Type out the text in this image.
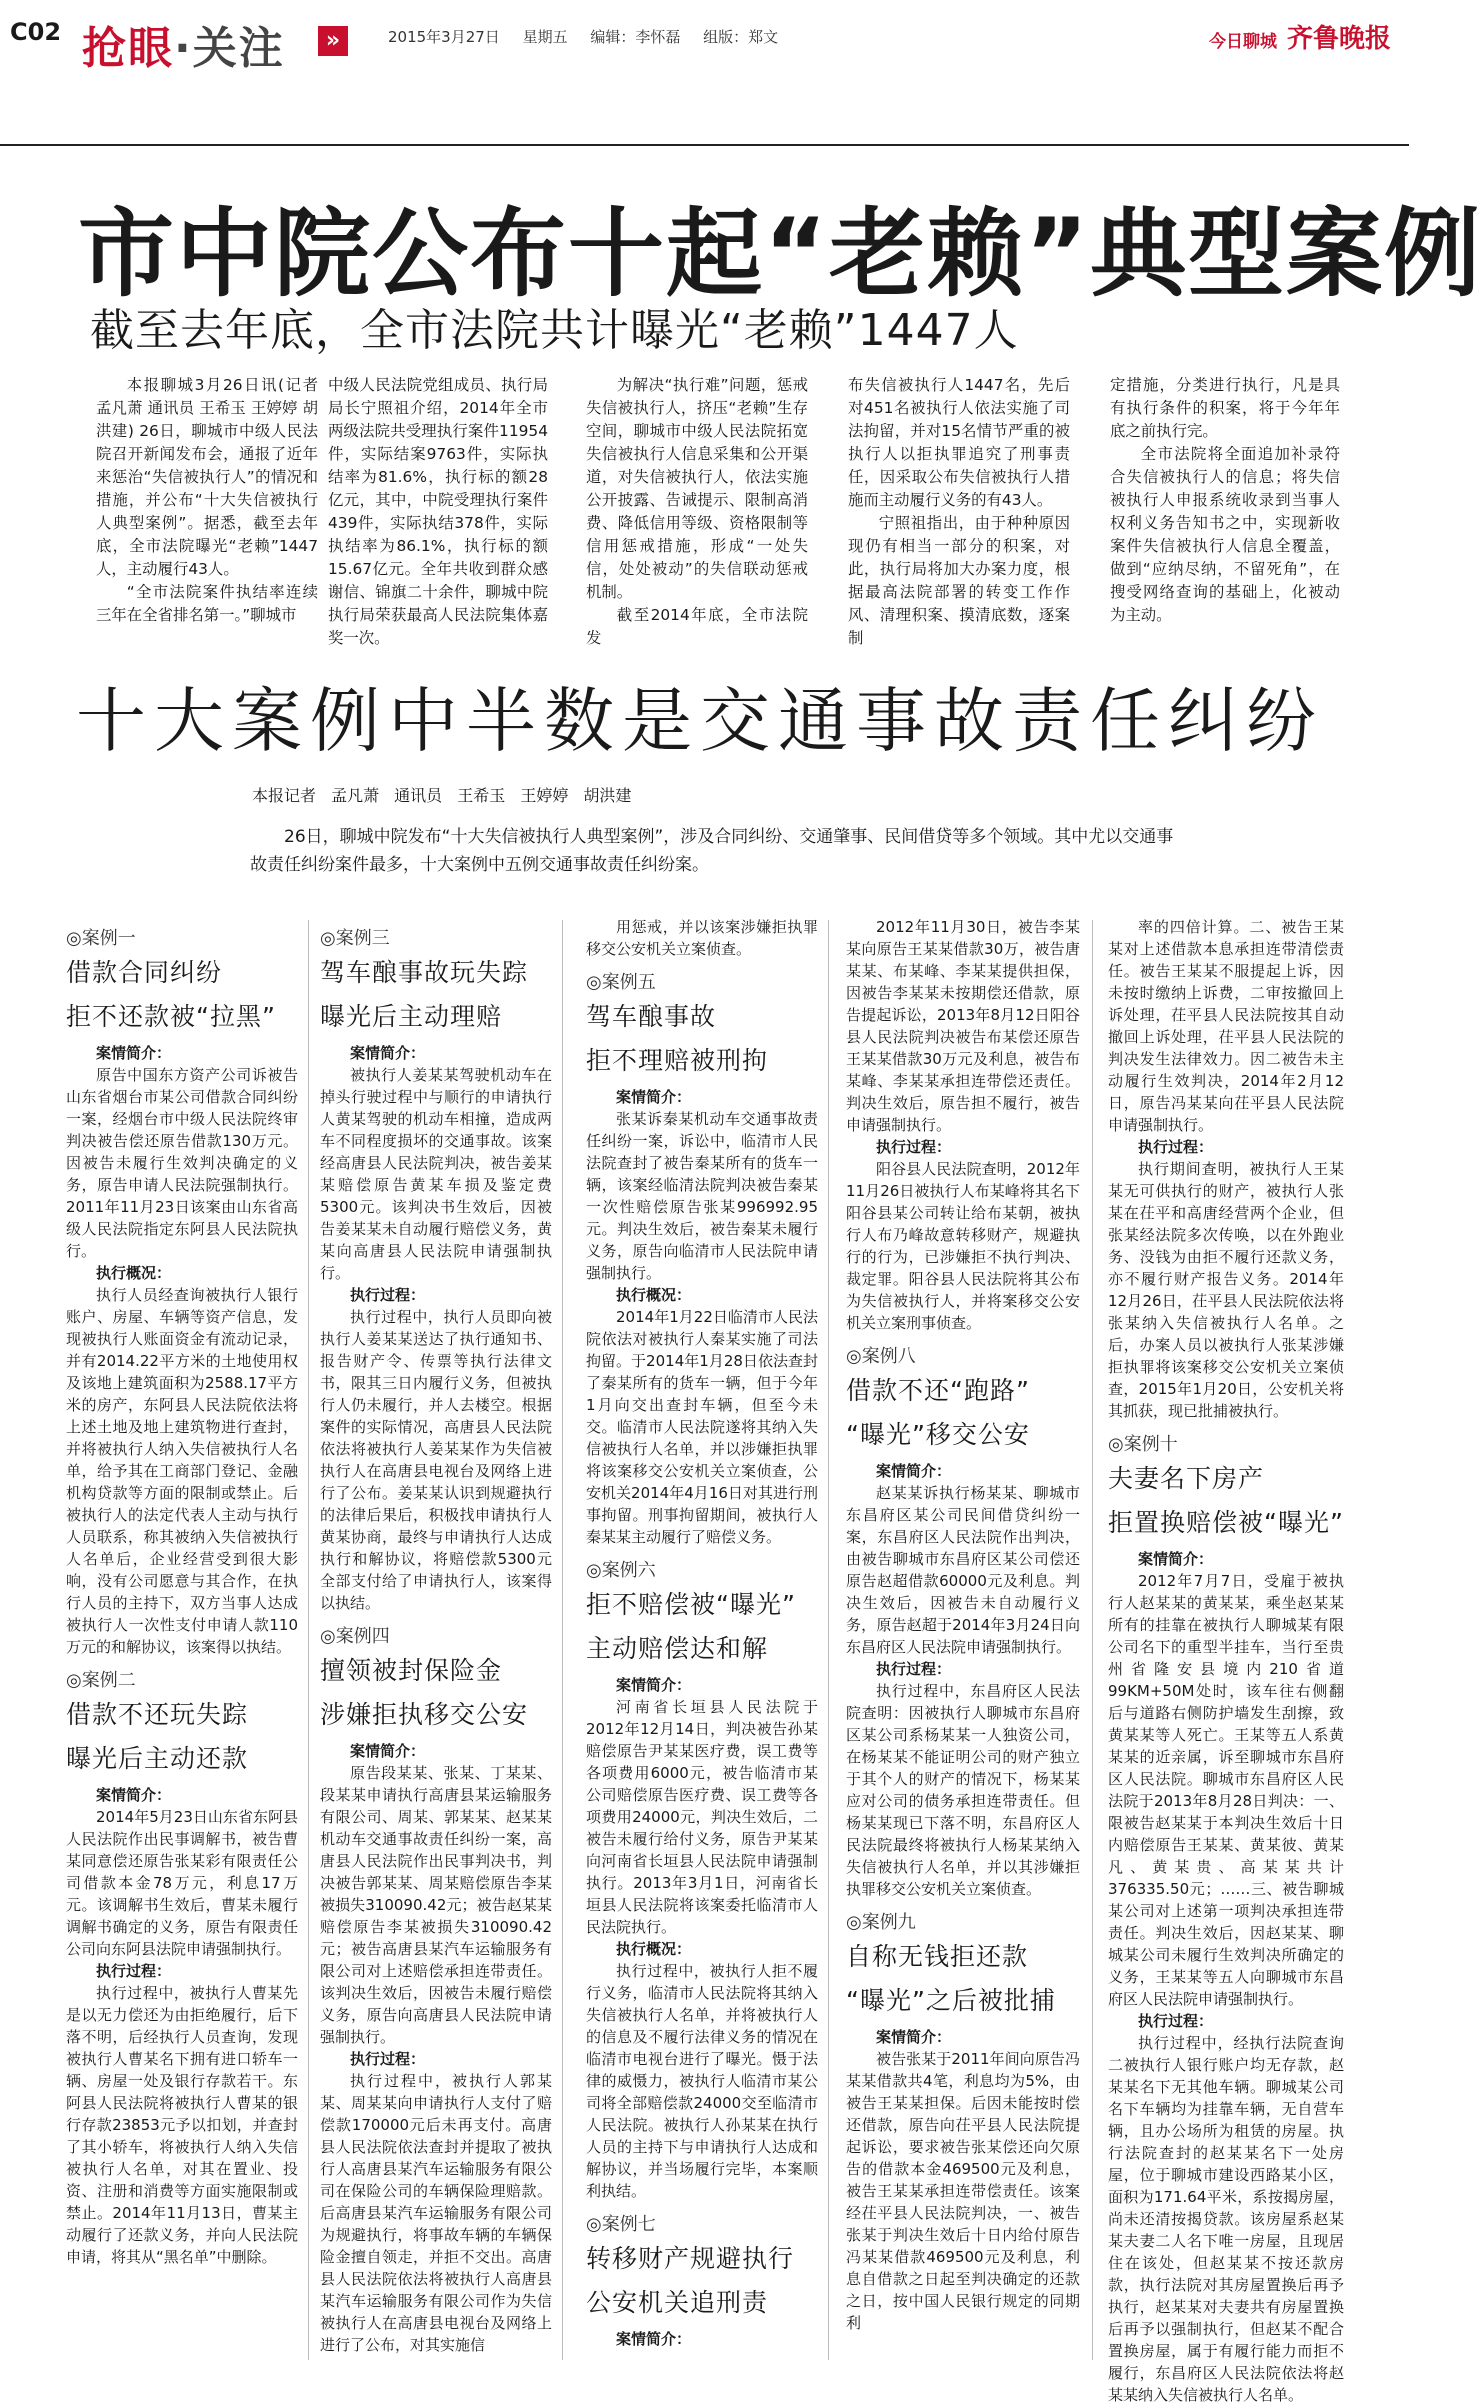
C02 抢眼·关注	»	2015年3月27日 星期五 编辑：李怀磊 组版：郑文	今日聊城 齐鲁晚报
市中院公布十起“老赖”典型案例
截至去年底，全市法院共计曝光“老赖”1447人

本报聊城3月26日讯(记者 孟凡萧 通讯员 王希玉 王婷婷 胡洪建) 26日，聊城市中级人民法院召开新闻发布会，通报了近年来惩治“失信被执行人”的情况和措施，并公布“十大失信被执行人典型案例”。据悉，截至去年底，全市法院曝光“老赖”1447人，主动履行43人。

“全市法院案件执结率连续三年在全省排名第一。”聊城市

中级人民法院党组成员、执行局局长宁照祖介绍，2014年全市两级法院共受理执行案件11954件，实际结案9763件，实际执结率为81.6%，执行标的额28亿元，其中，中院受理执行案件439件，实际执结378件，实际执结率为86.1%，执行标的额15.67亿元。全年共收到群众感谢信、锦旗二十余件，聊城中院执行局荣获最高人民法院集体嘉奖一次。

为解决“执行难”问题，惩戒失信被执行人，挤压“老赖”生存空间，聊城市中级人民法院拓宽失信被执行人信息采集和公开渠道，对失信被执行人，依法实施公开披露、告诫提示、限制高消费、降低信用等级、资格限制等信用惩戒措施，形成“一处失信，处处被动”的失信联动惩戒机制。

截至2014年底，全市法院发

布失信被执行人1447名，先后对451名被执行人依法实施了司法拘留，并对15名情节严重的被执行人以拒执罪追究了刑事责任，因采取公布失信被执行人措施而主动履行义务的有43人。

宁照祖指出，由于种种原因现仍有相当一部分的积案，对此，执行局将加大办案力度，根据最高法院部署的转变工作作风、清理积案、摸清底数，逐案制

定措施，分类进行执行，凡是具有执行条件的积案，将于今年年底之前执行完。

全市法院将全面追加补录符合失信被执行人的信息；将失信被执行人申报系统收录到当事人权利义务告知书之中，实现新收案件失信被执行人信息全覆盖，做到“应纳尽纳，不留死角”，在搜受网络查询的基础上，化被动为主动。

十大案例中半数是交通事故责任纠纷
本报记者 孟凡萧 通讯员 王希玉 王婷婷 胡洪建
26日，聊城中院发布“十大失信被执行人典型案例”，涉及合同纠纷、交通肇事、民间借贷等多个领域。其中尤以交通事故责任纠纷案件最多，十大案例中五例交通事故责任纠纷案。
◎案例一
借款合同纠纷
拒不还款被“拉黑”
案情简介：

原告中国东方资产公司诉被告山东省烟台市某公司借款合同纠纷一案，经烟台市中级人民法院终审判决被告偿还原告借款130万元。因被告未履行生效判决确定的义务，原告申请人民法院强制执行。2011年11月23日该案由山东省高级人民法院指定东阿县人民法院执行。

执行概况：

执行人员经查询被执行人银行账户、房屋、车辆等资产信息，发现被执行人账面资金有流动记录，并有2014.22平方米的土地使用权及该地上建筑面积为2588.17平方米的房产，东阿县人民法院依法将上述土地及地上建筑物进行查封，并将被执行人纳入失信被执行人名单，给予其在工商部门登记、金融机构贷款等方面的限制或禁止。后被执行人的法定代表人主动与执行人员联系，称其被纳入失信被执行人名单后，企业经营受到很大影响，没有公司愿意与其合作，在执行人员的主持下，双方当事人达成被执行人一次性支付申请人款110万元的和解协议，该案得以执结。

◎案例二
借款不还玩失踪
曝光后主动还款
案情简介：

2014年5月23日山东省东阿县人民法院作出民事调解书，被告曹某同意偿还原告张某彩有限责任公司借款本金78万元，利息17万元。该调解书生效后，曹某未履行调解书确定的义务，原告有限责任公司向东阿县法院申请强制执行。

执行过程：

执行过程中，被执行人曹某先是以无力偿还为由拒绝履行，后下落不明，后经执行人员查询，发现被执行人曹某名下拥有进口轿车一辆、房屋一处及银行存款若干。东阿县人民法院将被执行人曹某的银行存款23853元予以扣划，并查封了其小轿车，将被执行人纳入失信被执行人名单，对其在置业、投资、注册和消费等方面实施限制或禁止。2014年11月13日，曹某主动履行了还款义务，并向人民法院申请，将其从“黑名单”中删除。

◎案例三
驾车酿事故玩失踪
曝光后主动理赔
案情简介：

被执行人姜某某驾驶机动车在掉头行驶过程中与顺行的申请执行人黄某驾驶的机动车相撞，造成两车不同程度损坏的交通事故。该案经高唐县人民法院判决，被告姜某某赔偿原告黄某车损及鉴定费5300元。该判决书生效后，因被告姜某某未自动履行赔偿义务，黄某向高唐县人民法院申请强制执行。

执行过程：

执行过程中，执行人员即向被执行人姜某某送达了执行通知书、报告财产令、传票等执行法律文书，限其三日内履行义务，但被执行人仍未履行，并人去楼空。根据案件的实际情况，高唐县人民法院依法将被执行人姜某某作为失信被执行人在高唐县电视台及网络上进行了公布。姜某某认识到规避执行的法律后果后，积极找申请执行人黄某协商，最终与申请执行人达成执行和解协议，将赔偿款5300元全部支付给了申请执行人，该案得以执结。

◎案例四
擅领被封保险金
涉嫌拒执移交公安
案情简介：

原告段某某、张某、丁某某、段某某申请执行高唐县某运输服务有限公司、周某、郭某某、赵某某机动车交通事故责任纠纷一案，高唐县人民法院作出民事判决书，判决被告郭某某、周某赔偿原告李某被损失310090.42元；被告赵某某赔偿原告李某被损失310090.42元；被告高唐县某汽车运输服务有限公司对上述赔偿承担连带责任。该判决生效后，因被告未履行赔偿义务，原告向高唐县人民法院申请强制执行。

执行过程：

执行过程中，被执行人郭某某、周某某向申请执行人支付了赔偿款170000元后未再支付。高唐县人民法院依法查封并提取了被执行人高唐县某汽车运输服务有限公司在保险公司的车辆保险理赔款。后高唐县某汽车运输服务有限公司为规避执行，将事故车辆的车辆保险金擅自领走，并拒不交出。高唐县人民法院依法将被执行人高唐县某汽车运输服务有限公司作为失信被执行人在高唐县电视台及网络上进行了公布，对其实施信

用惩戒，并以该案涉嫌拒执罪移交公安机关立案侦查。

◎案例五
驾车酿事故
拒不理赔被刑拘
案情简介：

张某诉秦某机动车交通事故责任纠纷一案，诉讼中，临清市人民法院查封了被告秦某所有的货车一辆，该案经临清法院判决被告秦某一次性赔偿原告张某996992.95元。判决生效后，被告秦某未履行义务，原告向临清市人民法院申请强制执行。

执行概况：

2014年1月22日临清市人民法院依法对被执行人秦某实施了司法拘留。于2014年1月28日依法查封了秦某所有的货车一辆，但于今年1月向交出查封车辆，但至今未交。临清市人民法院遂将其纳入失信被执行人名单，并以涉嫌拒执罪将该案移交公安机关立案侦查，公安机关2014年4月16日对其进行刑事拘留。刑事拘留期间，被执行人秦某某主动履行了赔偿义务。

◎案例六
拒不赔偿被“曝光”
主动赔偿达和解
案情简介：

河南省长垣县人民法院于2012年12月14日，判决被告孙某赔偿原告尹某某医疗费，误工费等各项费用6000元，被告临清市某公司赔偿原告医疗费、误工费等各项费用24000元，判决生效后，二被告未履行给付义务，原告尹某某向河南省长垣县人民法院申请强制执行。2013年3月1日，河南省长垣县人民法院将该案委托临清市人民法院执行。

执行概况：

执行过程中，被执行人拒不履行义务，临清市人民法院将其纳入失信被执行人名单，并将被执行人的信息及不履行法律义务的情况在临清市电视台进行了曝光。慑于法律的威慑力，被执行人临清市某公司将全部赔偿款24000交至临清市人民法院。被执行人孙某某在执行人员的主持下与申请执行人达成和解协议，并当场履行完毕，本案顺利执结。

◎案例七
转移财产规避执行
公安机关追刑责
案情简介：

2012年11月30日，被告李某某向原告王某某借款30万，被告唐某某、布某峰、李某某提供担保，因被告李某某未按期偿还借款，原告提起诉讼，2013年8月12日阳谷县人民法院判决被告布某偿还原告王某某借款30万元及利息，被告布某峰、李某某承担连带偿还责任。判决生效后，原告担不履行，被告申请强制执行。

执行过程：

阳谷县人民法院查明，2012年11月26日被执行人布某峰将其名下阳谷县某公司转让给布某朝，被执行人布乃峰故意转移财产，规避执行的行为，已涉嫌拒不执行判决、裁定罪。阳谷县人民法院将其公布为失信被执行人，并将案移交公安机关立案刑事侦查。

◎案例八
借款不还“跑路”
“曝光”移交公安
案情简介：

赵某某诉执行杨某某、聊城市东昌府区某公司民间借贷纠纷一案，东昌府区人民法院作出判决，由被告聊城市东昌府区某公司偿还原告赵超借款60000元及利息。判决生效后，因被告未自动履行义务，原告赵超于2014年3月24日向东昌府区人民法院申请强制执行。

执行过程：

执行过程中，东昌府区人民法院查明：因被执行人聊城市东昌府区某公司系杨某某一人独资公司，在杨某某不能证明公司的财产独立于其个人的财产的情况下，杨某某应对公司的债务承担连带责任。但杨某某现已下落不明，东昌府区人民法院最终将被执行人杨某某纳入失信被执行人名单，并以其涉嫌拒执罪移交公安机关立案侦查。

◎案例九
自称无钱拒还款
“曝光”之后被批捕
案情简介：

被告张某于2011年间向原告冯某某借款共4笔，利息均为5%，由被告王某某担保。后因未能按时偿还借款，原告向茌平县人民法院提起诉讼，要求被告张某偿还向欠原告的借款本金469500元及利息，被告王某某承担连带偿责任。该案经茌平县人民法院判决，一、被告张某于判决生效后十日内给付原告冯某某借款469500元及利息，利息自借款之日起至判决确定的还款之日，按中国人民银行规定的同期利

率的四倍计算。二、被告王某某对上述借款本息承担连带清偿责任。被告王某某不服提起上诉，因未按时缴纳上诉费，二审按撤回上诉处理，茌平县人民法院按其自动撤回上诉处理，茌平县人民法院的判决发生法律效力。因二被告未主动履行生效判决，2014年2月12日，原告冯某某向茌平县人民法院申请强制执行。

执行过程：

执行期间查明，被执行人王某某无可供执行的财产，被执行人张某在茌平和高唐经营两个企业，但张某经法院多次传唤，以在外跑业务、没钱为由拒不履行还款义务，亦不履行财产报告义务。2014年12月26日，茌平县人民法院依法将张某纳入失信被执行人名单。之后，办案人员以被执行人张某涉嫌拒执罪将该案移交公安机关立案侦查，2015年1月20日，公安机关将其抓获，现已批捕被执行。

◎案例十
夫妻名下房产
拒置换赔偿被“曝光”
案情简介：

2012年7月7日，受雇于被执行人赵某某的黄某某，乘坐赵某某所有的挂靠在被执行人聊城某有限公司名下的重型半挂车，当行至贵州省隆安县境内210省道99KM+50M处时，该车往右侧翻后与道路右侧防护墙发生刮擦，致黄某某等人死亡。王某等五人系黄某某的近亲属，诉至聊城市东昌府区人民法院。聊城市东昌府区人民法院于2013年8月28日判决：一、限被告赵某某于本判决生效后十日内赔偿原告王某某、黄某彼、黄某凡、黄某贵、高某某共计376335.50元；……三、被告聊城某公司对上述第一项判决承担连带责任。判决生效后，因赵某某、聊城某公司未履行生效判决所确定的义务，王某某等五人向聊城市东昌府区人民法院申请强制执行。

执行过程：

执行过程中，经执行法院查询二被执行人银行账户均无存款，赵某某名下无其他车辆。聊城某公司名下车辆均为挂靠车辆，无自营车辆，且办公场所为租赁的房屋。执行法院查封的赵某某名下一处房屋，位于聊城市建设西路某小区，面积为171.64平米，系按揭房屋，尚未还清按揭贷款。该房屋系赵某某夫妻二人名下唯一房屋，且现居住在该处，但赵某某不按还款房款，执行法院对其房屋置换后再予执行，赵某某对夫妻共有房屋置换后再予以强制执行，但赵某不配合置换房屋，属于有履行能力而拒不履行，东昌府区人民法院依法将赵某某纳入失信被执行人名单。
